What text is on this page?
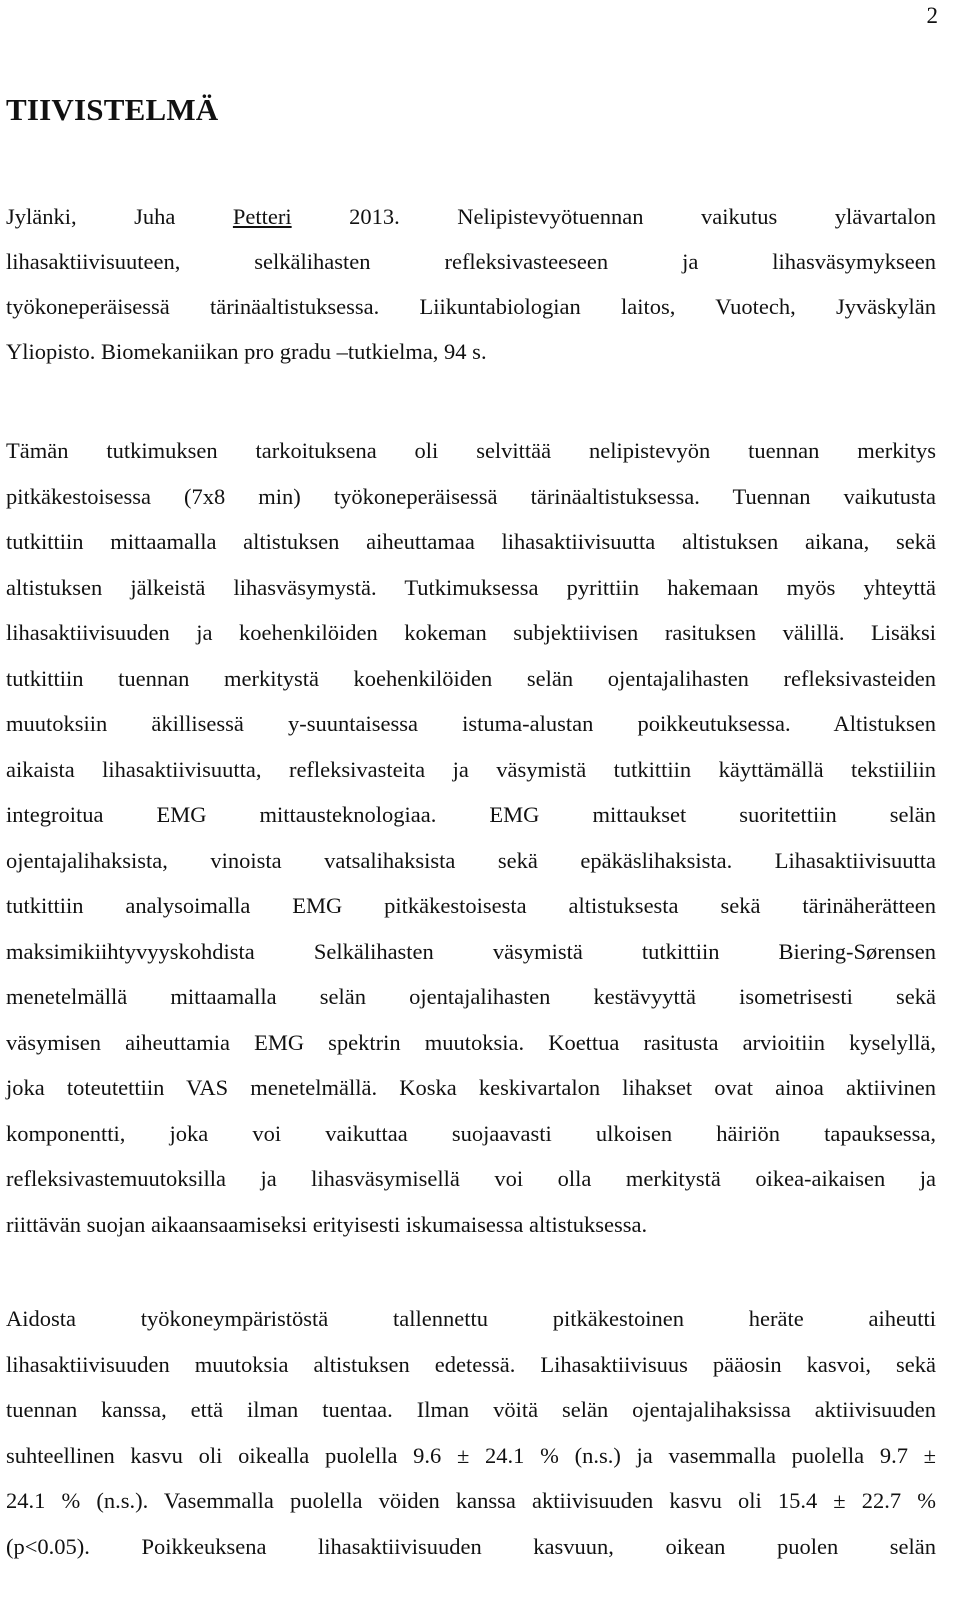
2
TIIVISTELMÄ
Jylänki, Juha Petteri 2013. Nelipistevyötuennan vaikutus ylävartalon
lihasaktiivisuuteen, selkälihasten refleksivasteeseen ja lihasväsymykseen
työkoneperäisessä tärinäaltistuksessa. Liikuntabiologian laitos, Vuotech, Jyväskylän
Yliopisto. Biomekaniikan pro gradu –tutkielma, 94 s.
Tämän tutkimuksen tarkoituksena oli selvittää nelipistevyön tuennan merkitys
pitkäkestoisessa (7x8 min) työkoneperäisessä tärinäaltistuksessa. Tuennan vaikutusta
tutkittiin mittaamalla altistuksen aiheuttamaa lihasaktiivisuutta altistuksen aikana, sekä
altistuksen jälkeistä lihasväsymystä. Tutkimuksessa pyrittiin hakemaan myös yhteyttä
lihasaktiivisuuden ja koehenkilöiden kokeman subjektiivisen rasituksen välillä. Lisäksi
tutkittiin tuennan merkitystä koehenkilöiden selän ojentajalihasten refleksivasteiden
muutoksiin äkillisessä y-suuntaisessa istuma-alustan poikkeutuksessa. Altistuksen
aikaista lihasaktiivisuutta, refleksivasteita ja väsymistä tutkittiin käyttämällä tekstiiliin
integroitua EMG mittausteknologiaa. EMG mittaukset suoritettiin selän
ojentajalihaksista, vinoista vatsalihaksista sekä epäkäslihaksista. Lihasaktiivisuutta
tutkittiin analysoimalla EMG pitkäkestoisesta altistuksesta sekä tärinäherätteen
maksimikiihtyvyyskohdista Selkälihasten väsymistä tutkittiin Biering-Sørensen
menetelmällä mittaamalla selän ojentajalihasten kestävyyttä isometrisesti sekä
väsymisen aiheuttamia EMG spektrin muutoksia. Koettua rasitusta arvioitiin kyselyllä,
joka toteutettiin VAS menetelmällä. Koska keskivartalon lihakset ovat ainoa aktiivinen
komponentti, joka voi vaikuttaa suojaavasti ulkoisen häiriön tapauksessa,
refleksivastemuutoksilla ja lihasväsymisellä voi olla merkitystä oikea-aikaisen ja
riittävän suojan aikaansaamiseksi erityisesti iskumaisessa altistuksessa.
Aidosta työkoneympäristöstä tallennettu pitkäkestoinen heräte aiheutti
lihasaktiivisuuden muutoksia altistuksen edetessä. Lihasaktiivisuus pääosin kasvoi, sekä
tuennan kanssa, että ilman tuentaa. Ilman vöitä selän ojentajalihaksissa aktiivisuuden
suhteellinen kasvu oli oikealla puolella 9.6 ± 24.1 % (n.s.) ja vasemmalla puolella 9.7 ±
24.1 % (n.s.). Vasemmalla puolella vöiden kanssa aktiivisuuden kasvu oli 15.4 ± 22.7 %
(p<0.05). Poikkeuksena lihasaktiivisuuden kasvuun, oikean puolen selän
